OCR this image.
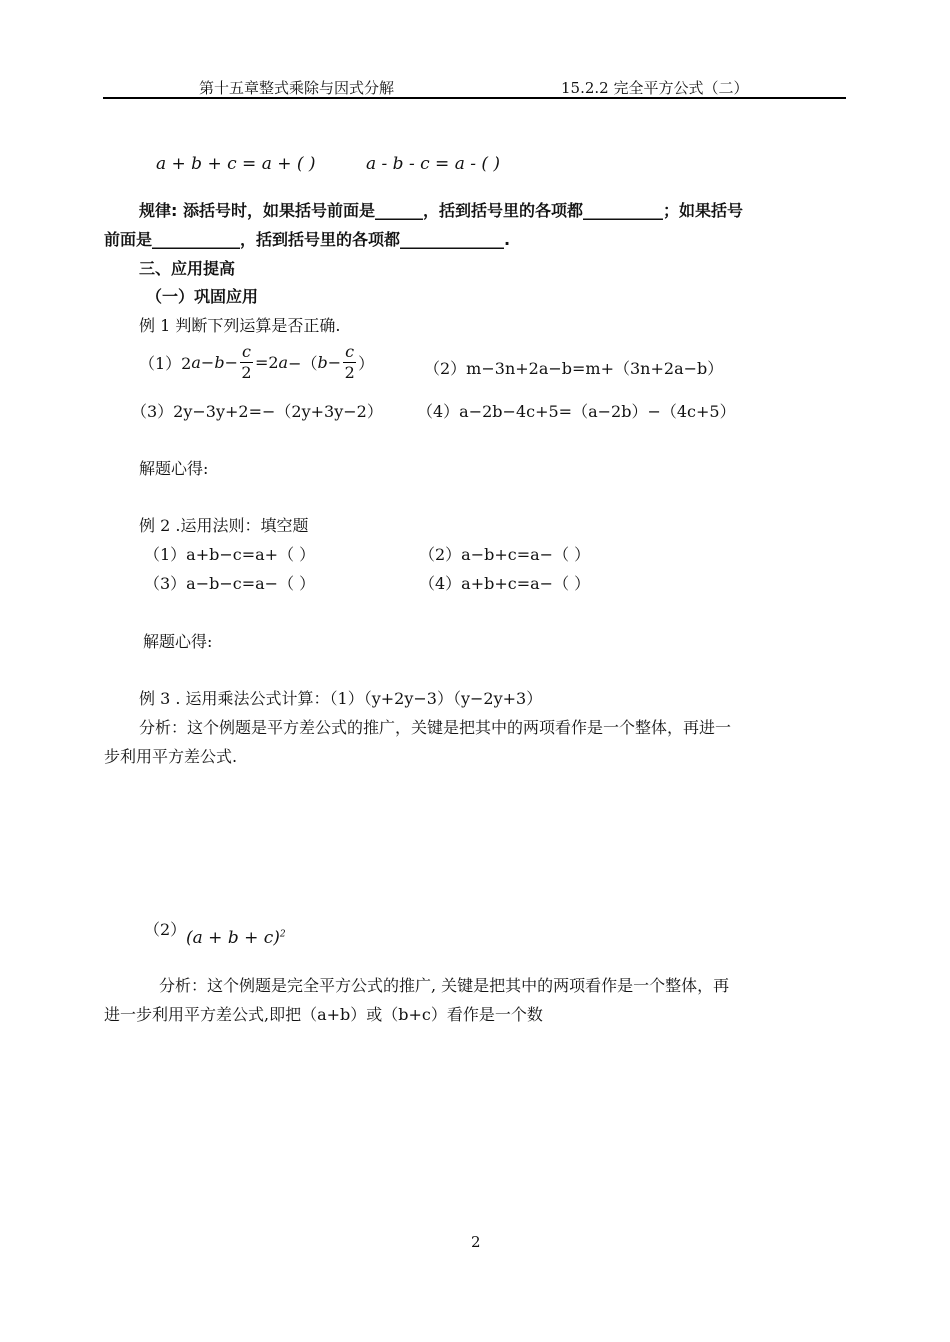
第十五章整式乘除与因式分解	15.2.2 完全平方公式（二）
a + b + c = a + ( )	a - b - c = a - ( )
规律: 添括号时，如果括号前面是______，括到括号里的各项都__________；如果括号
前面是___________，括到括号里的各项都_____________.
三、应用提高
（一）巩固应用
例 1 判断下列运算是否正确.
（1）2 $a - b - \frac{c}{2} =2$ a −（ $b - \frac{c}{2}$ ）	（2）m−3n+2a−b=m+（3n+2a−b）
（3）2y−3y+2=−（2y+3y−2） （4）a−2b−4c+5=（a−2b）−（4c+5）
解题心得:
例 2 .运用法则：填空题
（1）a+b−c=a+（ ）	（2）a−b+c=a−（ ）
（3）a−b−c=a−（ ）	（4）a+b+c=a−（ ）
解题心得:
例 3 . 运用乘法公式计算：（1）（y+2y−3）（y−2y+3）
分析：这个例题是平方差公式的推广，关键是把其中的两项看作是一个整体，再进一
步利用平方差公式.
（2） $(a + b + c)^2$
分析：这个例题是完全平方公式的推广, 关键是把其中的两项看作是一个整体，再
进一步利用平方差公式,即把（a+b）或（b+c）看作是一个数
2
